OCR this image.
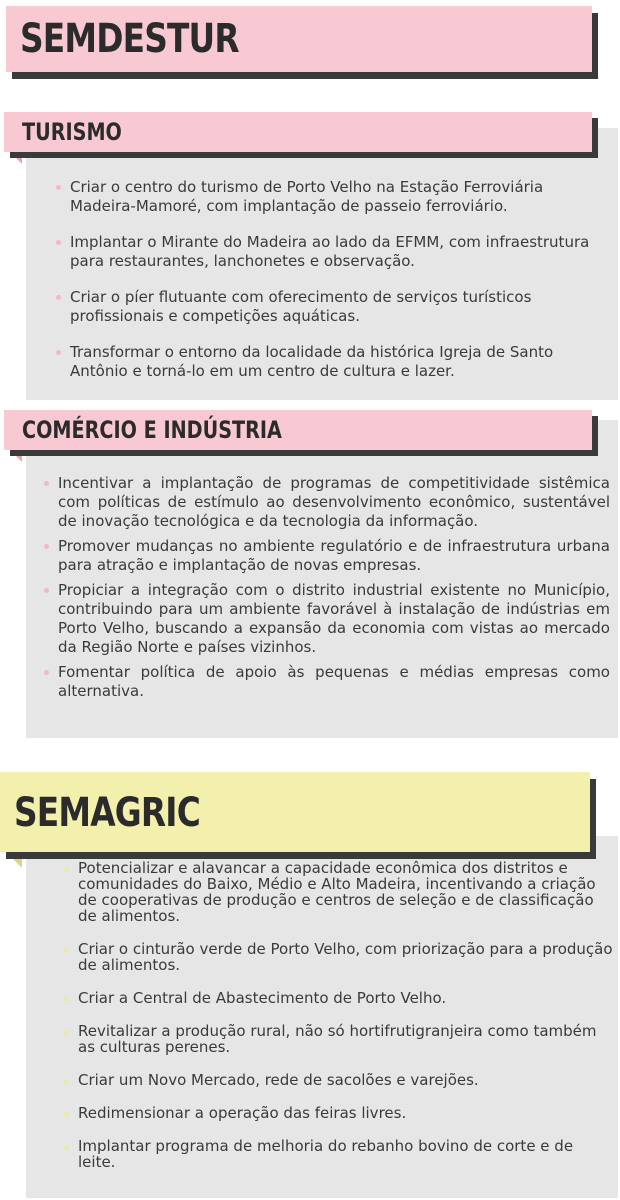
SEMDESTUR
TURISMO
Criar o centro do turismo de Porto Velho na Estação Ferroviária Madeira-Mamoré, com implantação de passeio ferroviário.
Implantar o Mirante do Madeira ao lado da EFMM, com infraestrutura para restaurantes, lanchonetes e observação.
Criar o píer flutuante com oferecimento de serviços turísticos profissionais e competições aquáticas.
Transformar o entorno da localidade da histórica Igreja de Santo Antônio e torná-lo em um centro de cultura e lazer.
COMÉRCIO E INDÚSTRIA
Incentivar a implantação de programas de competitividade sistêmica com políticas de estímulo ao desenvolvimento econômico, sustentável de inovação tecnológica e da tecnologia da informação.
Promover mudanças no ambiente regulatório e de infraestrutura urbana para atração e implantação de novas empresas.
Propiciar a integração com o distrito industrial existente no Município, contribuindo para um ambiente favorável à instalação de indústrias em Porto Velho, buscando a expansão da economia com vistas ao mercado da Região Norte e países vizinhos.
Fomentar política de apoio às pequenas e médias empresas como alternativa.
SEMAGRIC
Potencializar e alavancar a capacidade econômica dos distritos e comunidades do Baixo, Médio e Alto Madeira, incentivando a criação de cooperativas de produção e centros de seleção e de classificação de alimentos.
Criar o cinturão verde de Porto Velho, com priorização para a produção de alimentos.
Criar a Central de Abastecimento de Porto Velho.
Revitalizar a produção rural, não só hortifrutigranjeira como também as culturas perenes.
Criar um Novo Mercado, rede de sacolões e varejões.
Redimensionar a operação das feiras livres.
Implantar programa de melhoria do rebanho bovino de corte e de leite.
